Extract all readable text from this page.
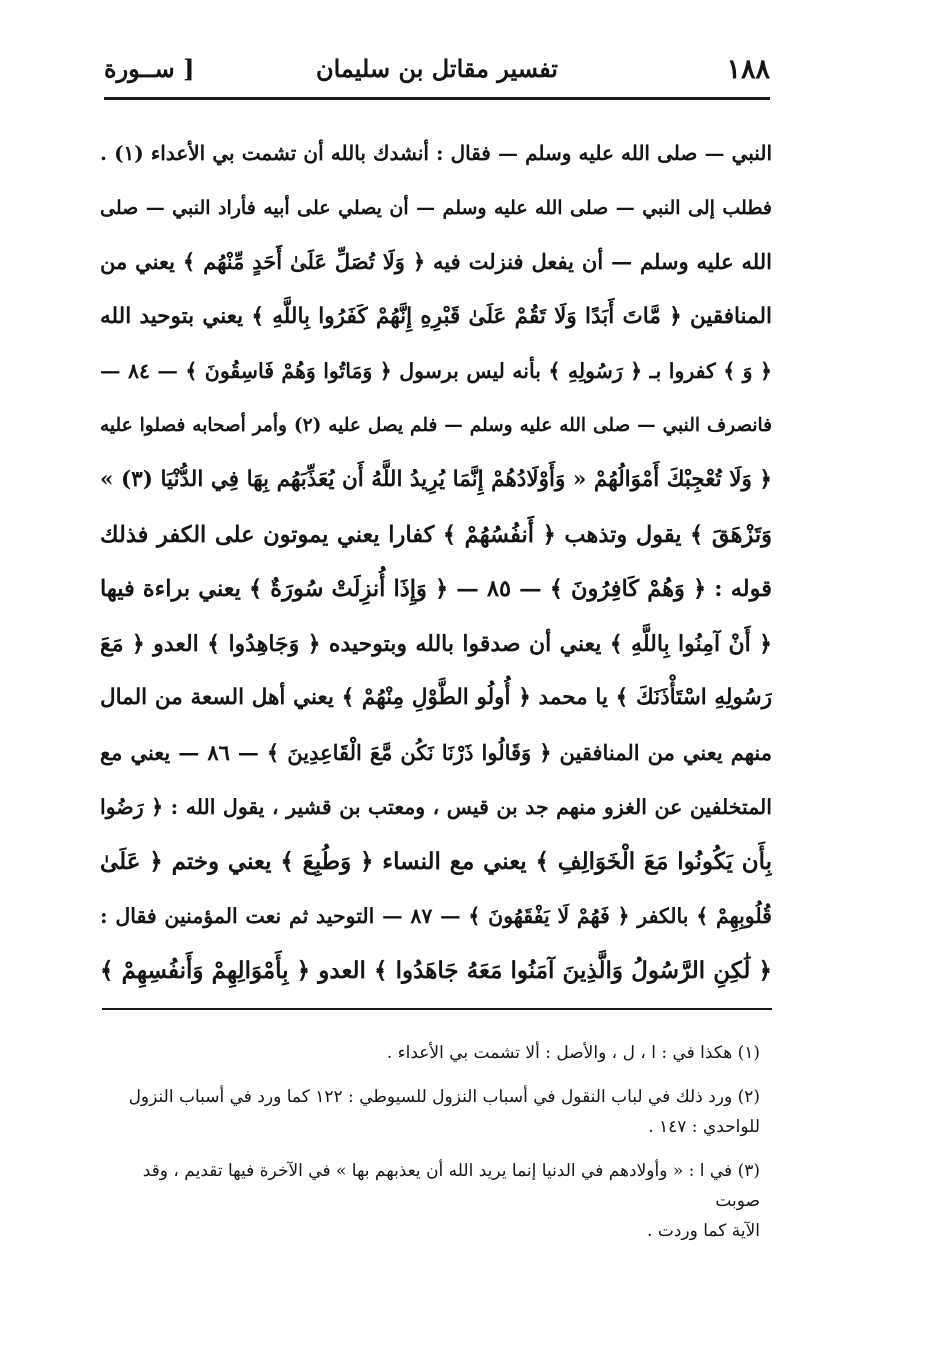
١٨٨
تفسير مقاتل بن سليمان
[ ســورة
النبي — صلى الله عليه وسلم — فقال : أنشدك بالله أن تشمت بي الأعداء (١) .
فطلب إلى النبي — صلى الله عليه وسلم — أن يصلي على أبيه فأراد النبي — صلى
الله عليه وسلم — أن يفعل فنزلت فيه ﴿ وَلَا تُصَلِّ عَلَىٰ أَحَدٍ مِّنْهُم ﴾ يعني من
المنافقين ﴿ مَّاتَ أَبَدًا وَلَا تَقُمْ عَلَىٰ قَبْرِهِ إِنَّهُمْ كَفَرُوا بِاللَّهِ ﴾ يعني بتوحيد الله
﴿ وَ ﴾ كفروا بـ ﴿ رَسُولِهِ ﴾ بأنه ليس برسول ﴿ وَمَاتُوا وَهُمْ فَاسِقُونَ ﴾ — ٨٤ —
فانصرف النبي — صلى الله عليه وسلم — فلم يصل عليه (٢) وأمر أصحابه فصلوا عليه
﴿ وَلَا تُعْجِبْكَ أَمْوَالُهُمْ « وَأَوْلَادُهُمْ إِنَّمَا يُرِيدُ اللَّهُ أَن يُعَذِّبَهُم بِهَا فِي الدُّنْيَا (٣) »
وَتَزْهَقَ ﴾ يقول وتذهب ﴿ أَنفُسُهُمْ ﴾ كفارا يعني يموتون على الكفر فذلك
قوله : ﴿ وَهُمْ كَافِرُونَ ﴾ — ٨٥ — ﴿ وَإِذَا أُنزِلَتْ سُورَةٌ ﴾ يعني براءة فيها
﴿ أَنْ آمِنُوا بِاللَّهِ ﴾ يعني أن صدقوا بالله وبتوحيده ﴿ وَجَاهِدُوا ﴾ العدو ﴿ مَعَ
رَسُولِهِ اسْتَأْذَنَكَ ﴾ يا محمد ﴿ أُولُو الطَّوْلِ مِنْهُمْ ﴾ يعني أهل السعة من المال
منهم يعني من المنافقين ﴿ وَقَالُوا ذَرْنَا نَكُن مَّعَ الْقَاعِدِينَ ﴾ — ٨٦ — يعني مع
المتخلفين عن الغزو منهم جد بن قيس ، ومعتب بن قشير ، يقول الله : ﴿ رَضُوا
بِأَن يَكُونُوا مَعَ الْخَوَالِفِ ﴾ يعني مع النساء ﴿ وَطُبِعَ ﴾ يعني وختم ﴿ عَلَىٰ
قُلُوبِهِمْ ﴾ بالكفر ﴿ فَهُمْ لَا يَفْقَهُونَ ﴾ — ٨٧ — التوحيد ثم نعت المؤمنين فقال :
﴿ لَٰكِنِ الرَّسُولُ وَالَّذِينَ آمَنُوا مَعَهُ جَاهَدُوا ﴾ العدو ﴿ بِأَمْوَالِهِمْ وَأَنفُسِهِمْ ﴾
(١) هكذا في : ا ، ل ، والأصل : ألا تشمت بي الأعداء .
(٢) ورد ذلك في لباب النقول في أسباب النزول للسيوطي : ١٢٢ كما ورد في أسباب النزول
للواحدي : ١٤٧ .
(٣) في ا : « وأولادهم في الدنيا إنما يريد الله أن يعذبهم بها » في الآخرة فيها تقديم ، وقد صوبت
الآية كما وردت .
